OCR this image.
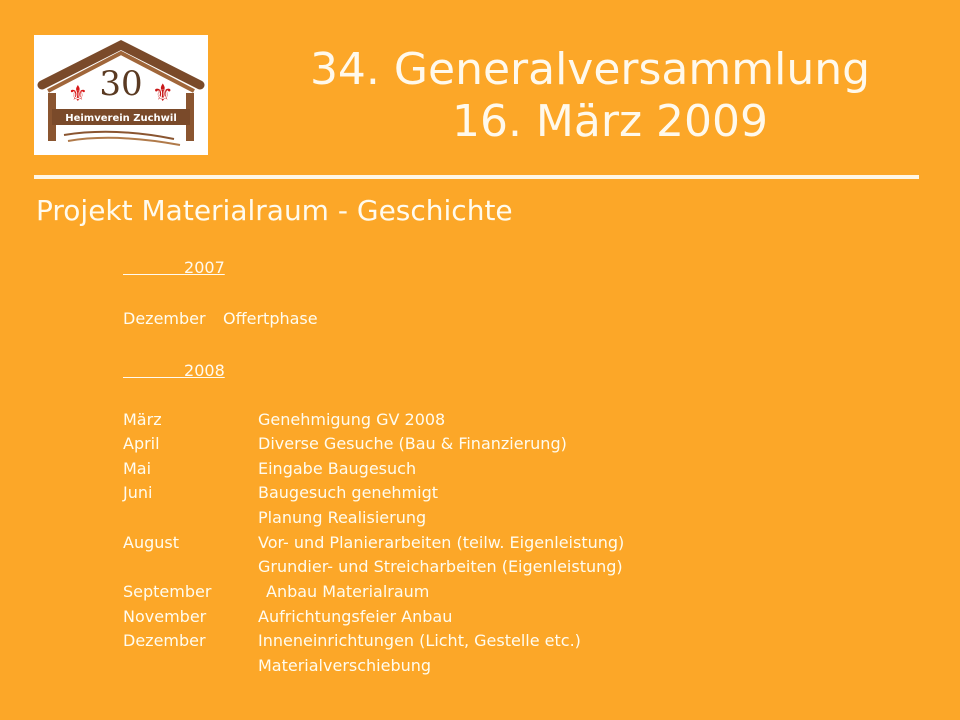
⚜	⚜
30
Heimverein Zuchwil
34. Generalversammlung
16. März 2009
Projekt Materialraum - Geschichte
2007
Dezember Offertphase
2008
März	Genehmigung GV 2008
April	Diverse Gesuche (Bau & Finanzierung)
Mai	Eingabe Baugesuch
Juni	Baugesuch genehmigt
Planung Realisierung
August	Vor- und Planierarbeiten (teilw. Eigenleistung)
Grundier- und Streicharbeiten (Eigenleistung)
September	Anbau Materialraum
November	Aufrichtungsfeier Anbau
Dezember	Inneneinrichtungen (Licht, Gestelle etc.)
Materialverschiebung
